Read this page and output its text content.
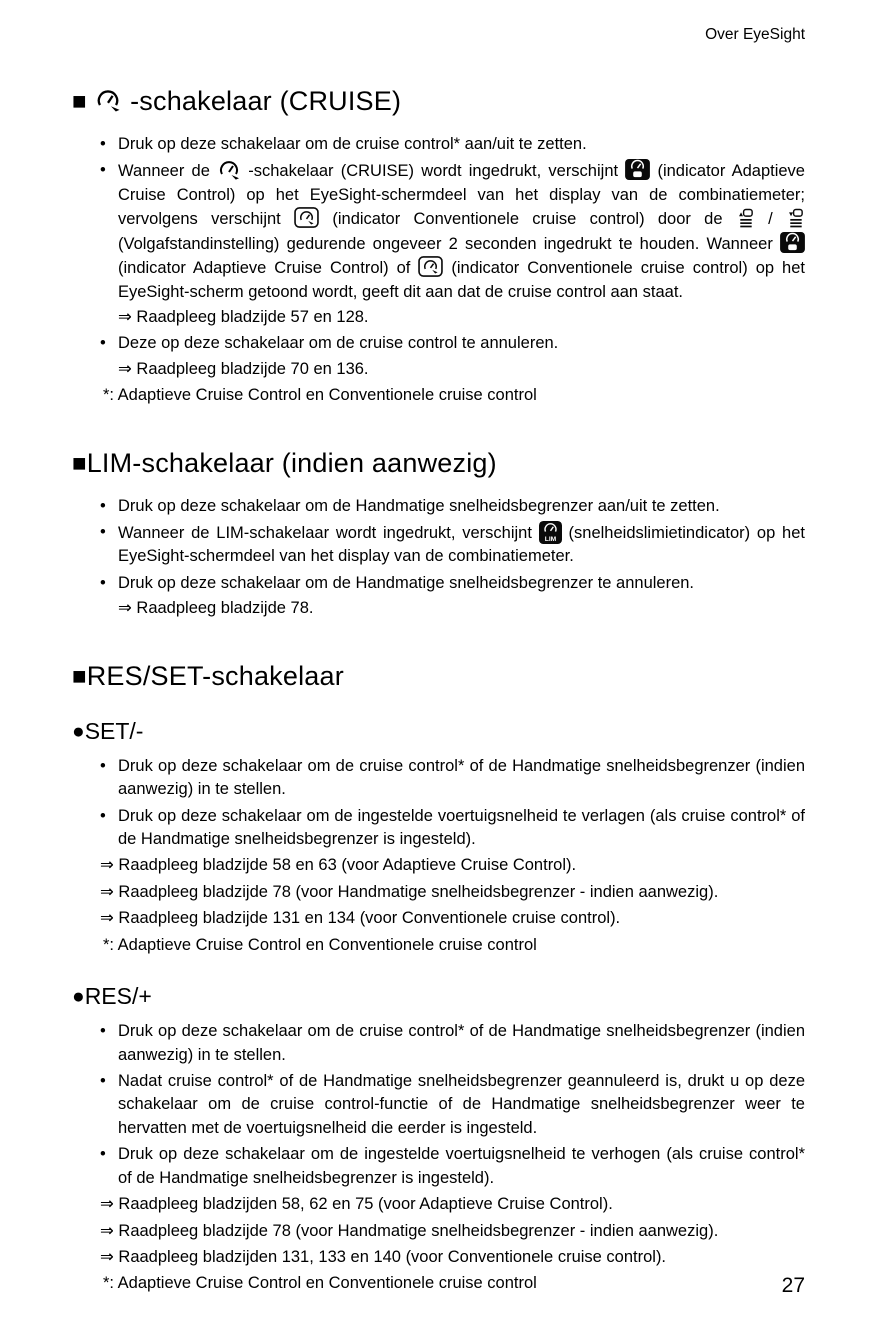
Over EyeSight
■ -schakelaar (CRUISE)
• Druk op deze schakelaar om de cruise control* aan/uit te zetten.
• Wanneer de -schakelaar (CRUISE) wordt ingedrukt, verschijnt (indicator Adaptieve Cruise Control) op het EyeSight-schermdeel van het display van de combinatiemeter; vervolgens verschijnt	(indicator Conventionele cruise control) door de	/  (Volgafstandinstelling) gedurende ongeveer 2 seconden ingedrukt te houden. Wanneer  (indicator Adaptieve Cruise Control) of (indicator Conventionele cruise control) op het EyeSight-scherm getoond wordt, geeft dit aan dat de cruise control aan staat.
⇒ Raadpleeg bladzijde 57 en 128.
• Deze op deze schakelaar om de cruise control te annuleren.
⇒ Raadpleeg bladzijde 70 en 136.
*: Adaptieve Cruise Control en Conventionele cruise control
■LIM-schakelaar (indien aanwezig)
• Druk op deze schakelaar om de Handmatige snelheidsbegrenzer aan/uit te zetten.
• Wanneer de LIM-schakelaar wordt ingedrukt, verschijnt (snelheidslimietindicator) op het EyeSight-schermdeel van het display van de combinatiemeter.
• Druk op deze schakelaar om de Handmatige snelheidsbegrenzer te annuleren.
⇒ Raadpleeg bladzijde 78.
■RES/SET-schakelaar
●SET/-
• Druk op deze schakelaar om de cruise control* of de Handmatige snelheidsbegrenzer (indien aanwezig) in te stellen.
• Druk op deze schakelaar om de ingestelde voertuigsnelheid te verlagen (als cruise control* of de Handmatige snelheidsbegrenzer is ingesteld).
⇒ Raadpleeg bladzijde 58 en 63 (voor Adaptieve Cruise Control).
⇒ Raadpleeg bladzijde 78 (voor Handmatige snelheidsbegrenzer - indien aanwezig).
⇒ Raadpleeg bladzijde 131 en 134 (voor Conventionele cruise control).
*: Adaptieve Cruise Control en Conventionele cruise control
●RES/+
• Druk op deze schakelaar om de cruise control* of de Handmatige snelheidsbegrenzer (indien aanwezig) in te stellen.
• Nadat cruise control* of de Handmatige snelheidsbegrenzer geannuleerd is, drukt u op deze schakelaar om de cruise control-functie of de Handmatige snelheidsbegrenzer weer te hervatten met de voertuigsnelheid die eerder is ingesteld.
• Druk op deze schakelaar om de ingestelde voertuigsnelheid te verhogen (als cruise control* of de Handmatige snelheidsbegrenzer is ingesteld).
⇒ Raadpleeg bladzijden 58, 62 en 75 (voor Adaptieve Cruise Control).
⇒ Raadpleeg bladzijde 78 (voor Handmatige snelheidsbegrenzer - indien aanwezig).
⇒ Raadpleeg bladzijden 131, 133 en 140 (voor Conventionele cruise control).
*: Adaptieve Cruise Control en Conventionele cruise control	27
